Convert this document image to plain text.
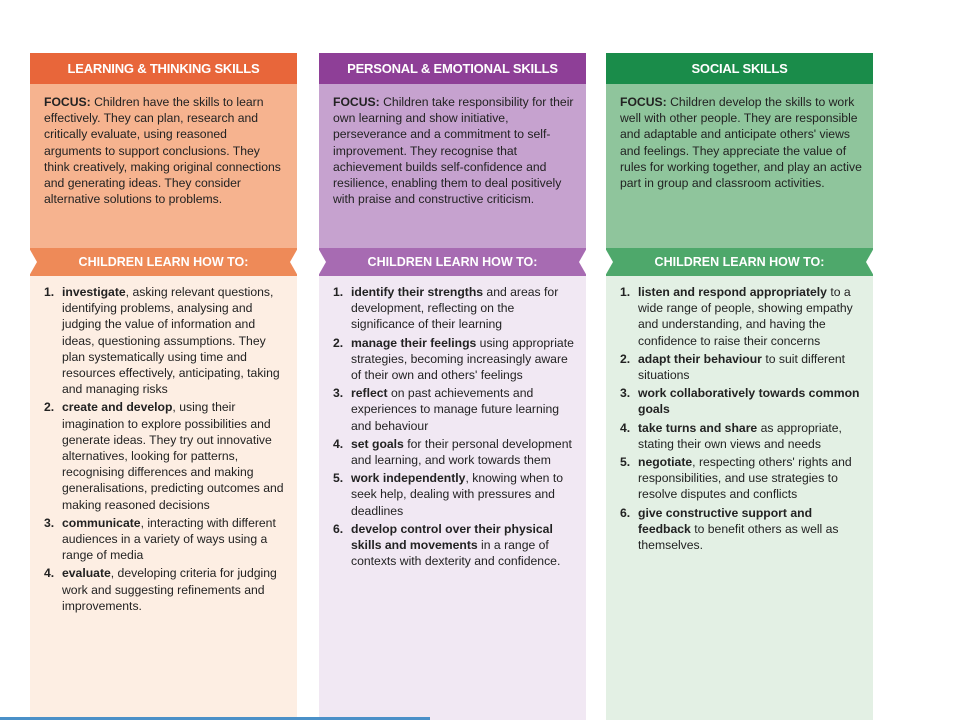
LEARNING & THINKING SKILLS
FOCUS: Children have the skills to learn effectively. They can plan, research and critically evaluate, using reasoned arguments to support conclusions. They think creatively, making original connections and generating ideas. They consider alternative solutions to problems.
CHILDREN LEARN HOW TO:
1. investigate, asking relevant questions, identifying problems, analysing and judging the value of information and ideas, questioning assumptions. They plan systematically using time and resources effectively, anticipating, taking and managing risks
2. create and develop, using their imagination to explore possibilities and generate ideas. They try out innovative alternatives, looking for patterns, recognising differences and making generalisations, predicting outcomes and making reasoned decisions
3. communicate, interacting with different audiences in a variety of ways using a range of media
4. evaluate, developing criteria for judging work and suggesting refinements and improvements.
PERSONAL & EMOTIONAL SKILLS
FOCUS: Children take responsibility for their own learning and show initiative, perseverance and a commitment to self-improvement. They recognise that achievement builds self-confidence and resilience, enabling them to deal positively with praise and constructive criticism.
CHILDREN LEARN HOW TO:
1. identify their strengths and areas for development, reflecting on the significance of their learning
2. manage their feelings using appropriate strategies, becoming increasingly aware of their own and others' feelings
3. reflect on past achievements and experiences to manage future learning and behaviour
4. set goals for their personal development and learning, and work towards them
5. work independently, knowing when to seek help, dealing with pressures and deadlines
6. develop control over their physical skills and movements in a range of contexts with dexterity and confidence.
SOCIAL SKILLS
FOCUS: Children develop the skills to work well with other people. They are responsible and adaptable and anticipate others' views and feelings. They appreciate the value of rules for working together, and play an active part in group and classroom activities.
CHILDREN LEARN HOW TO:
1. listen and respond appropriately to a wide range of people, showing empathy and understanding, and having the confidence to raise their concerns
2. adapt their behaviour to suit different situations
3. work collaboratively towards common goals
4. take turns and share as appropriate, stating their own views and needs
5. negotiate, respecting others' rights and responsibilities, and use strategies to resolve disputes and conflicts
6. give constructive support and feedback to benefit others as well as themselves.
